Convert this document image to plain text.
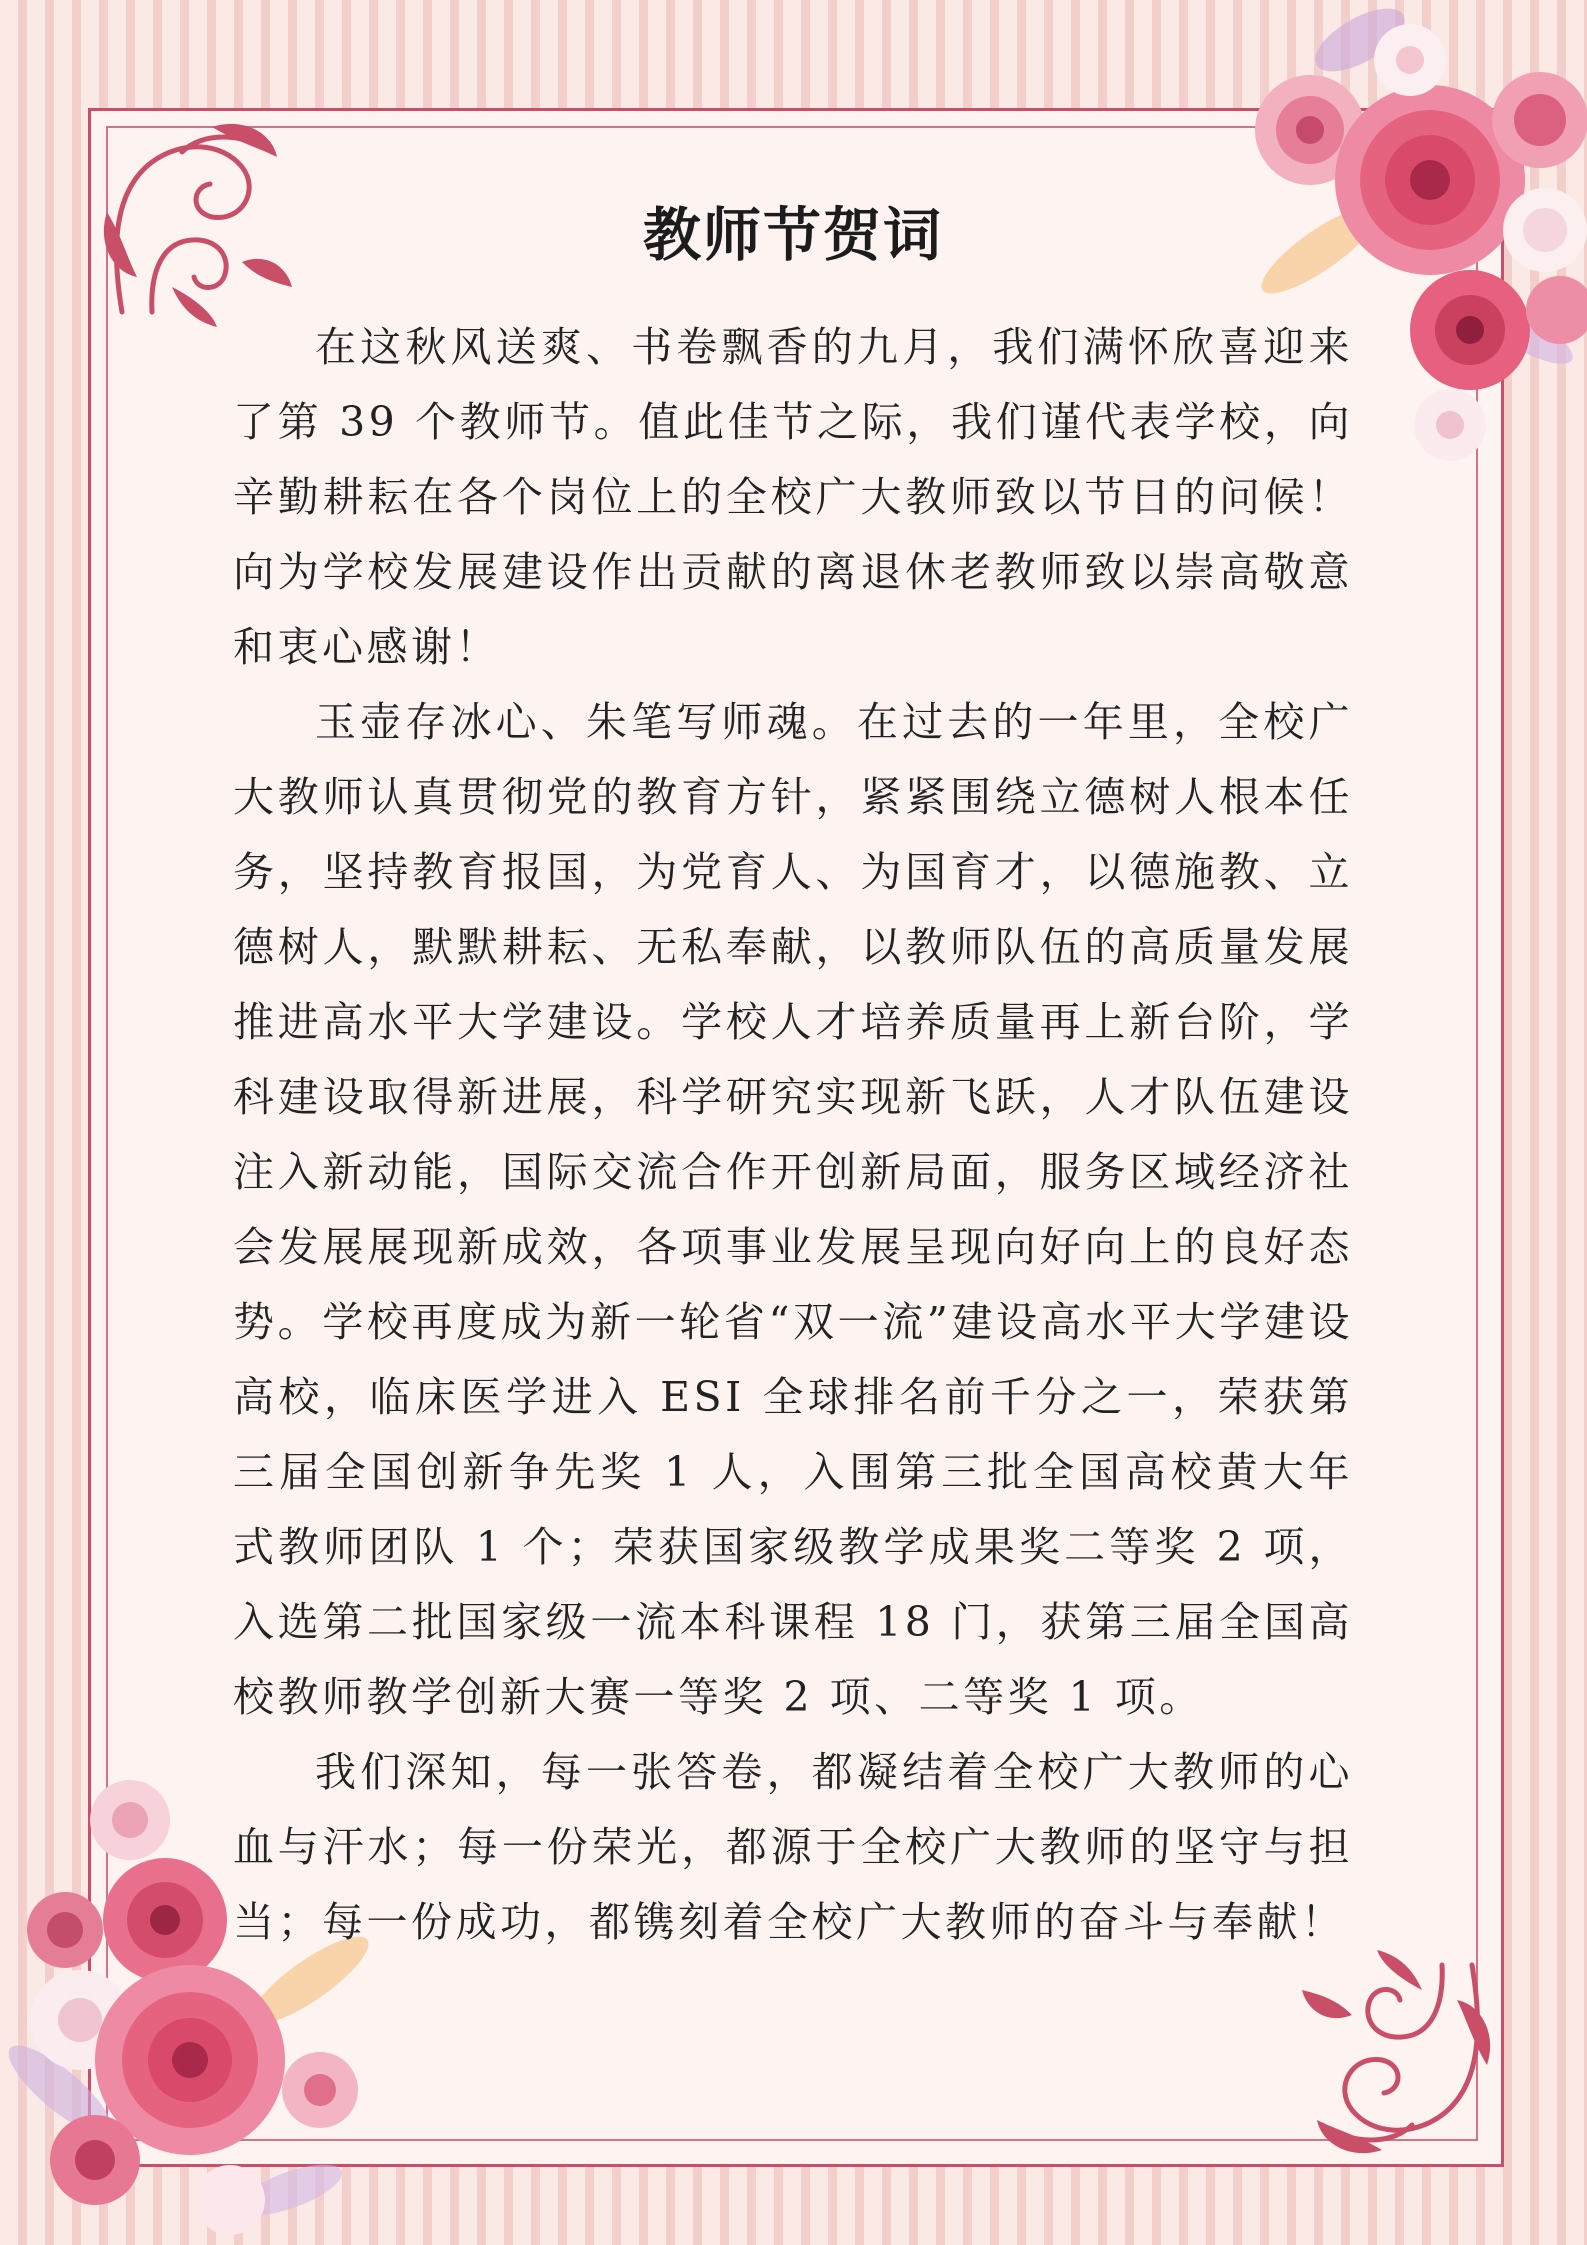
教师节贺词

在这秋风送爽、书卷飘香的九月，我们满怀欣喜迎来了第 39 个教师节。值此佳节之际，我们谨代表学校，向辛勤耕耘在各个岗位上的全校广大教师致以节日的问候！向为学校发展建设作出贡献的离退休老教师致以崇高敬意和衷心感谢！

玉壶存冰心、朱笔写师魂。在过去的一年里，全校广大教师认真贯彻党的教育方针，紧紧围绕立德树人根本任务，坚持教育报国，为党育人、为国育才，以德施教、立德树人，默默耕耘、无私奉献，以教师队伍的高质量发展推进高水平大学建设。学校人才培养质量再上新台阶，学科建设取得新进展，科学研究实现新飞跃，人才队伍建设注入新动能，国际交流合作开创新局面，服务区域经济社会发展展现新成效，各项事业发展呈现向好向上的良好态势。学校再度成为新一轮省“双一流”建设高水平大学建设高校，临床医学进入 ESI 全球排名前千分之一，荣获第三届全国创新争先奖 1 人，入围第三批全国高校黄大年式教师团队 1 个；荣获国家级教学成果奖二等奖 2 项，入选第二批国家级一流本科课程 18 门，获第三届全国高校教师教学创新大赛一等奖 2 项、二等奖 1 项。

我们深知，每一张答卷，都凝结着全校广大教师的心血与汗水；每一份荣光，都源于全校广大教师的坚守与担当；每一份成功，都镌刻着全校广大教师的奋斗与奉献！
